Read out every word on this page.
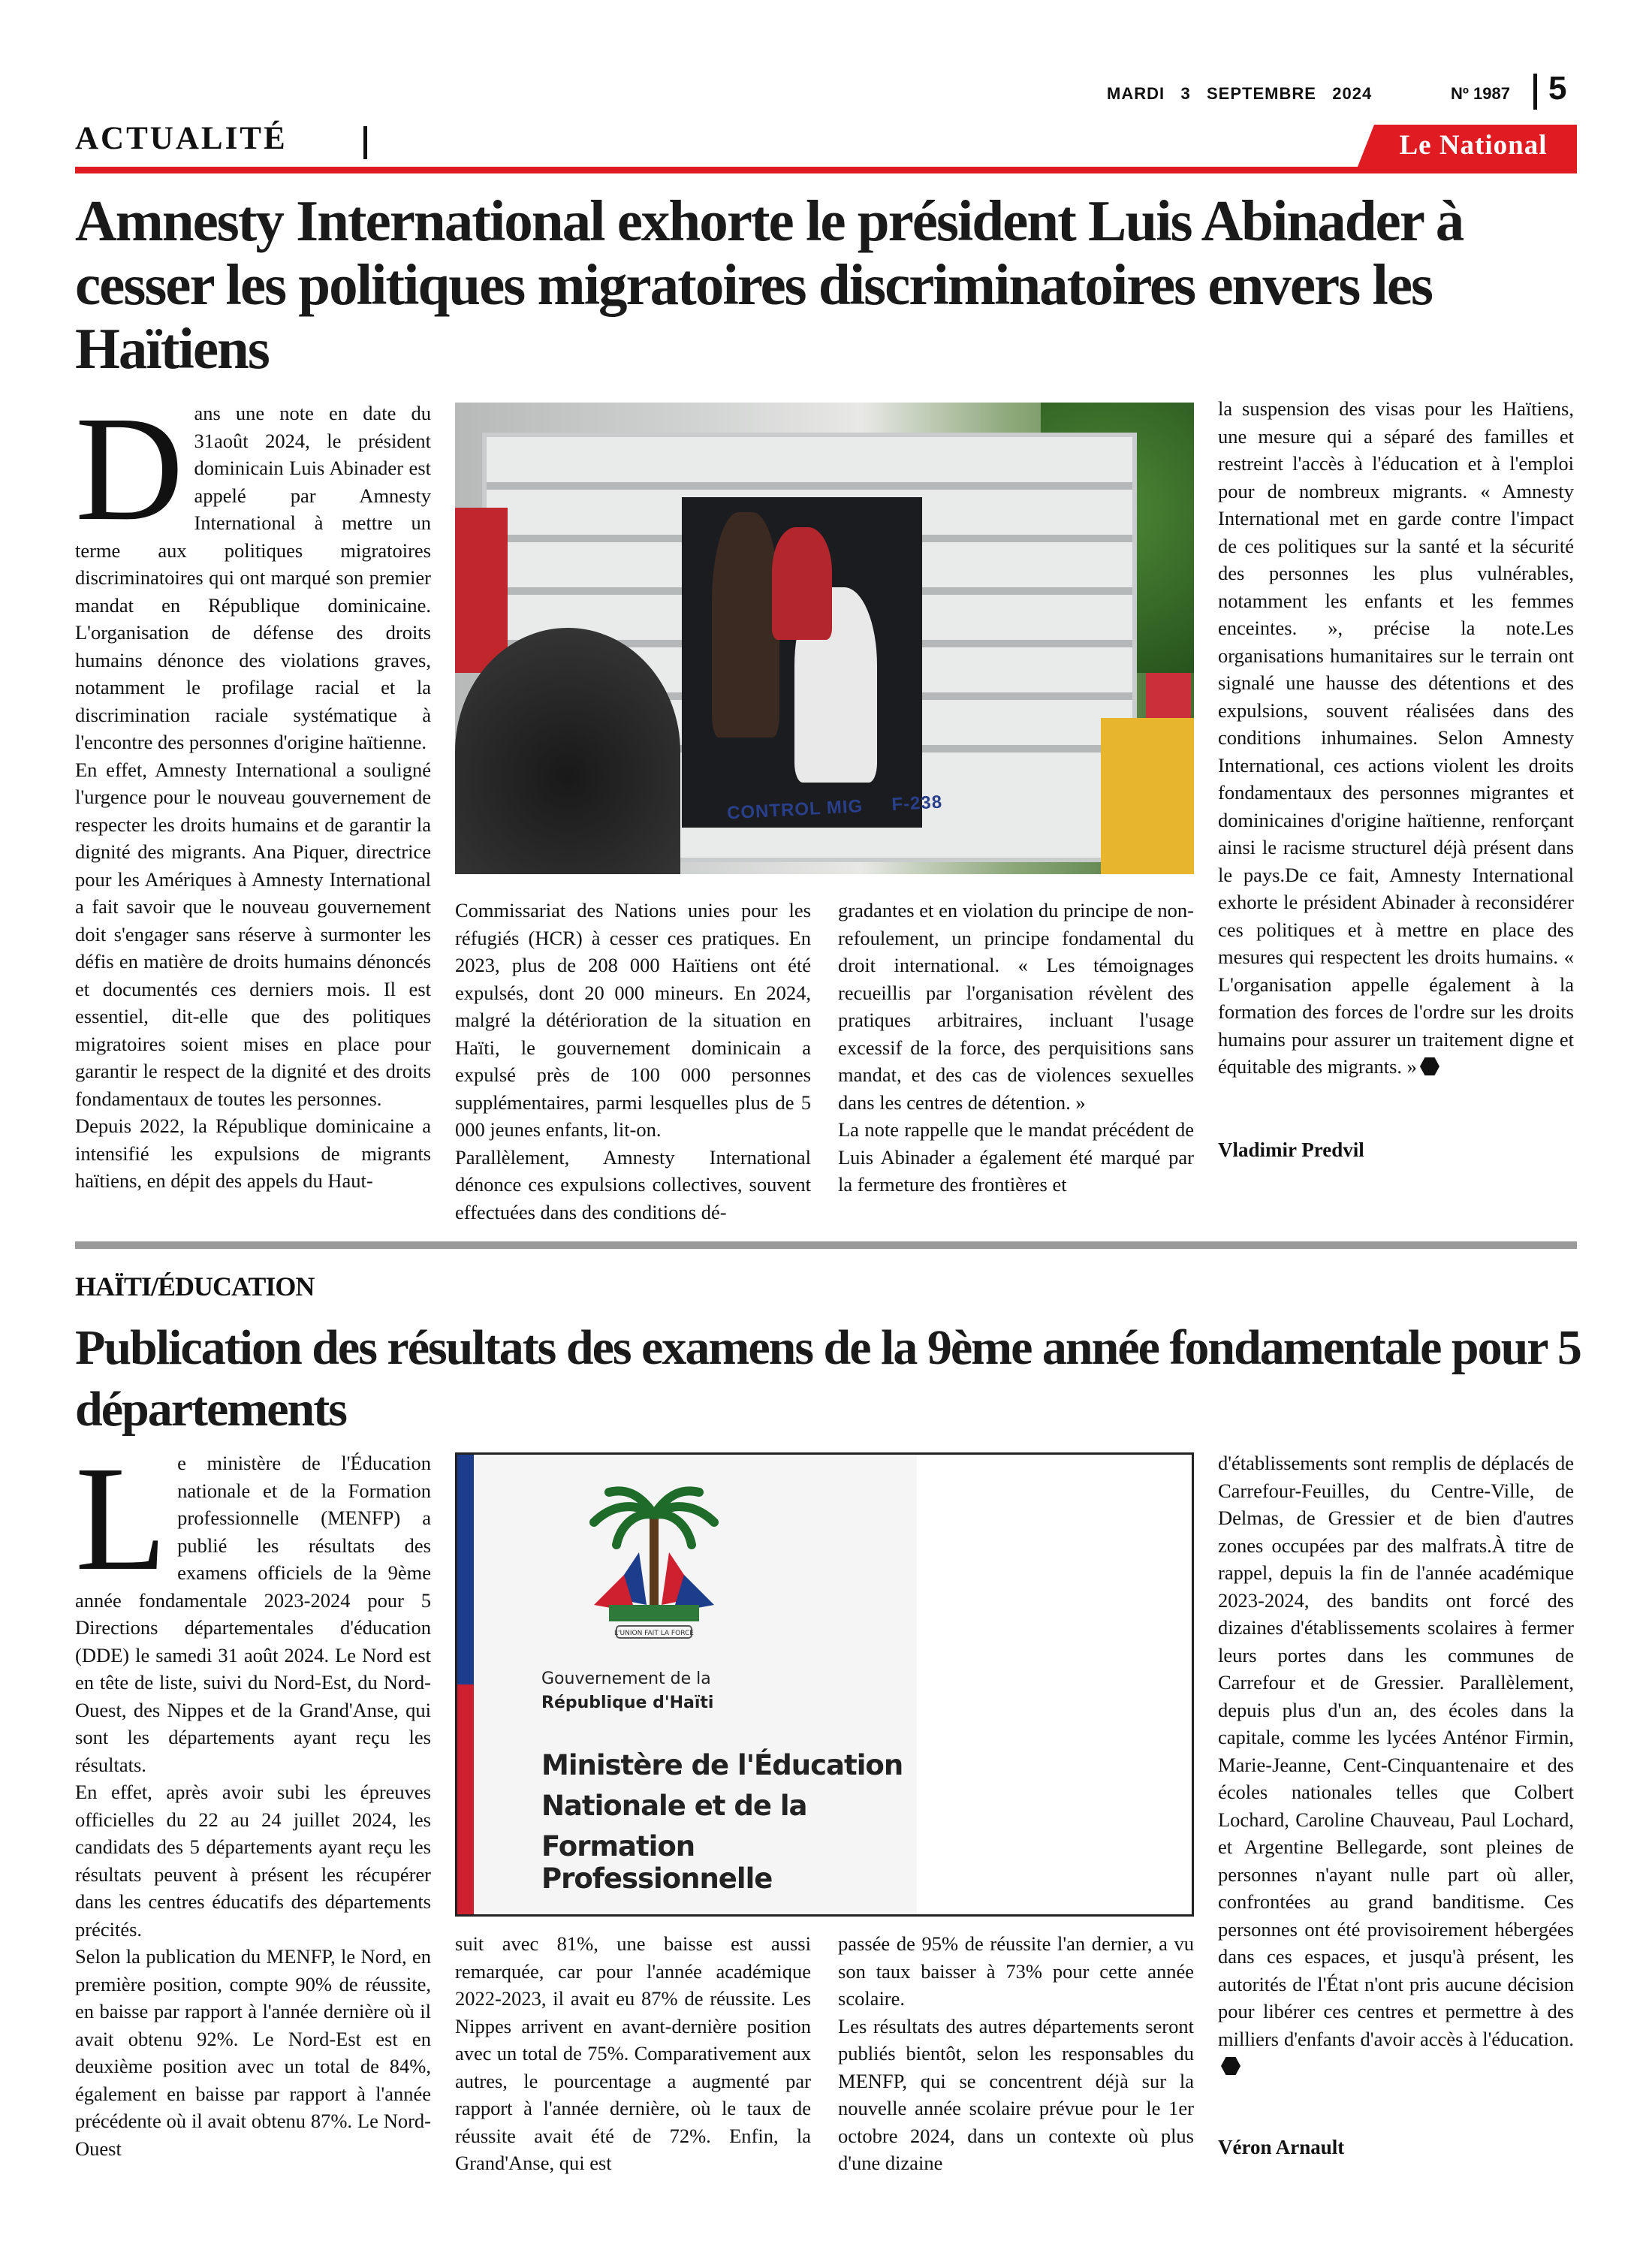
MARDI   3   SEPTEMBRE   2024	Nº 1987 5
ACTUALITÉ	Le National
Amnesty International exhorte le président Luis Abinader à cesser les politiques migratoires discriminatoires envers les Haïtiens
D ans une note en date du 31août 2024, le président dominicain Luis Abinader est appelé par Amnesty International à mettre un terme aux politiques migratoires discriminatoires qui ont marqué son premier mandat en République dominicaine. L'organisation de défense des droits humains dénonce des violations graves, notamment le profilage racial et la discrimination raciale systématique à l'encontre des personnes d'origine haïtienne.

En effet, Amnesty International a souligné l'urgence pour le nouveau gouvernement de respecter les droits humains et de garantir la dignité des migrants. Ana Piquer, directrice pour les Amériques à Amnesty International a fait savoir que le nouveau gouvernement doit s'engager sans réserve à surmonter les défis en matière de droits humains dénoncés et documentés ces derniers mois. Il est essentiel, dit-elle que des politiques migratoires soient mises en place pour garantir le respect de la dignité et des droits fondamentaux de toutes les personnes.

Depuis 2022, la République dominicaine a intensifié les expulsions de migrants haïtiens, en dépit des appels du Haut-

CONTROL MIG     F-238

Commissariat des Nations unies pour les réfugiés (HCR) à cesser ces pratiques. En 2023, plus de 208 000 Haïtiens ont été expulsés, dont 20 000 mineurs. En 2024, malgré la détérioration de la situation en Haïti, le gouvernement dominicain a expulsé près de 100 000 personnes supplémentaires, parmi lesquelles plus de 5 000 jeunes enfants, lit-on.

Parallèlement, Amnesty International dénonce ces expulsions collectives, souvent effectuées dans des conditions dé-

gradantes et en violation du principe de non-refoulement, un principe fondamental du droit international. « Les témoignages recueillis par l'organisation révèlent des pratiques arbitraires, incluant l'usage excessif de la force, des perquisitions sans mandat, et des cas de violences sexuelles dans les centres de détention. »

La note rappelle que le mandat précédent de Luis Abinader a également été marqué par la fermeture des frontières et

la suspension des visas pour les Haïtiens, une mesure qui a séparé des familles et restreint l'accès à l'éducation et à l'emploi pour de nombreux migrants. « Amnesty International met en garde contre l'impact de ces politiques sur la santé et la sécurité des personnes les plus vulnérables, notamment les enfants et les femmes enceintes. », précise la note.Les organisations humanitaires sur le terrain ont signalé une hausse des détentions et des expulsions, souvent réalisées dans des conditions inhumaines. Selon Amnesty International, ces actions violent les droits fondamentaux des personnes migrantes et dominicaines d'origine haïtienne, renforçant ainsi le racisme structurel déjà présent dans le pays.De ce fait, Amnesty International exhorte le président Abinader à reconsidérer ces politiques et à mettre en place des mesures qui respectent les droits humains. « L'organisation appelle également à la formation des forces de l'ordre sur les droits humains pour assurer un traitement digne et équitable des migrants. »

Vladimir Predvil
HAÏTI/ÉDUCATION
Publication des résultats des examens de la 9ème année fondamentale pour 5 départements
L e ministère de l'Éducation nationale et de la Formation professionnelle (MENFP) a publié les résultats des examens officiels de la 9ème année fondamentale 2023-2024 pour 5 Directions départementales d'éducation (DDE) le samedi 31 août 2024. Le Nord est en tête de liste, suivi du Nord-Est, du Nord-Ouest, des Nippes et de la Grand'Anse, qui sont les départements ayant reçu les résultats.

En effet, après avoir subi les épreuves officielles du 22 au 24 juillet 2024, les candidats des 5 départements ayant reçu les résultats peuvent à présent les récupérer dans les centres éducatifs des départements précités.

Selon la publication du MENFP, le Nord, en première position, compte 90% de réussite, en baisse par rapport à l'année dernière où il avait obtenu 92%. Le Nord-Est est en deuxième position avec un total de 84%, également en baisse par rapport à l'année précédente où il avait obtenu 87%. Le Nord-Ouest

L'UNION FAIT LA FORCE
Gouvernement de la
République d'Haïti
Ministère de l'Éducation
Nationale et de la
Formation Professionnelle

suit avec 81%, une baisse est aussi remarquée, car pour l'année académique 2022-2023, il avait eu 87% de réussite. Les Nippes arrivent en avant-dernière position avec un total de 75%. Comparativement aux autres, le pourcentage a augmenté par rapport à l'année dernière, où le taux de réussite avait été de 72%. Enfin, la Grand'Anse, qui est

passée de 95% de réussite l'an dernier, a vu son taux baisser à 73% pour cette année scolaire.

Les résultats des autres départements seront publiés bientôt, selon les responsables du MENFP, qui se concentrent déjà sur la nouvelle année scolaire prévue pour le 1er octobre 2024, dans un contexte où plus d'une dizaine

d'établissements sont remplis de déplacés de Carrefour-Feuilles, du Centre-Ville, de Delmas, de Gressier et de bien d'autres zones occupées par des malfrats.À titre de rappel, depuis la fin de l'année académique 2023-2024, des bandits ont forcé des dizaines d'établissements scolaires à fermer leurs portes dans les communes de Carrefour et de Gressier. Parallèlement, depuis plus d'un an, des écoles dans la capitale, comme les lycées Anténor Firmin, Marie-Jeanne, Cent-Cinquantenaire et des écoles nationales telles que Colbert Lochard, Caroline Chauveau, Paul Lochard, et Argentine Bellegarde, sont pleines de personnes n'ayant nulle part où aller, confrontées au grand banditisme. Ces personnes ont été provisoirement hébergées dans ces espaces, et jusqu'à présent, les autorités de l'État n'ont pris aucune décision pour libérer ces centres et permettre à des milliers d'enfants d'avoir accès à l'éducation.

Véron Arnault
